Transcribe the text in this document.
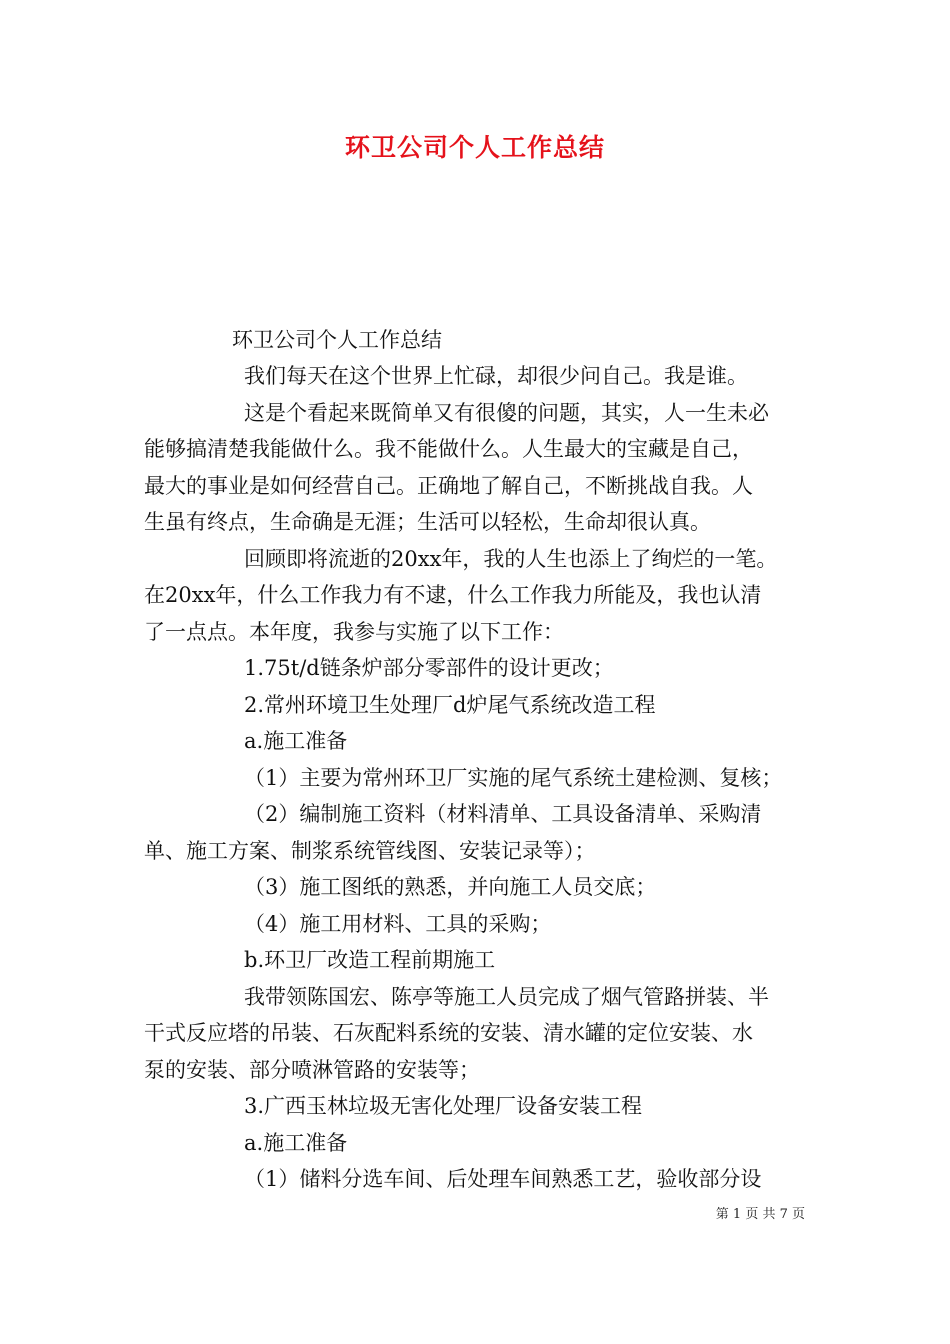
环卫公司个人工作总结
环卫公司个人工作总结
我们每天在这个世界上忙碌，却很少问自己。我是谁。
这是个看起来既简单又有很傻的问题，其实，人一生未必
能够搞清楚我能做什么。我不能做什么。人生最大的宝藏是自己，
最大的事业是如何经营自己。正确地了解自己，不断挑战自我。人
生虽有终点，生命确是无涯；生活可以轻松，生命却很认真。
回顾即将流逝的20xx年，我的人生也添上了绚烂的一笔。
在20xx年，什么工作我力有不逮，什么工作我力所能及，我也认清
了一点点。本年度，我参与实施了以下工作：
1.75t/d链条炉部分零部件的设计更改；
2.常州环境卫生处理厂d炉尾气系统改造工程
a.施工准备
（1）主要为常州环卫厂实施的尾气系统土建检测、复核；
（2）编制施工资料（材料清单、工具设备清单、采购清
单、施工方案、制浆系统管线图、安装记录等）；
（3）施工图纸的熟悉，并向施工人员交底；
（4）施工用材料、工具的采购；
b.环卫厂改造工程前期施工
我带领陈国宏、陈亭等施工人员完成了烟气管路拼装、半
干式反应塔的吊装、石灰配料系统的安装、清水罐的定位安装、水
泵的安装、部分喷淋管路的安装等；
3.广西玉林垃圾无害化处理厂设备安装工程
a.施工准备
（1）储料分选车间、后处理车间熟悉工艺，验收部分设
第 1 页 共 7 页
